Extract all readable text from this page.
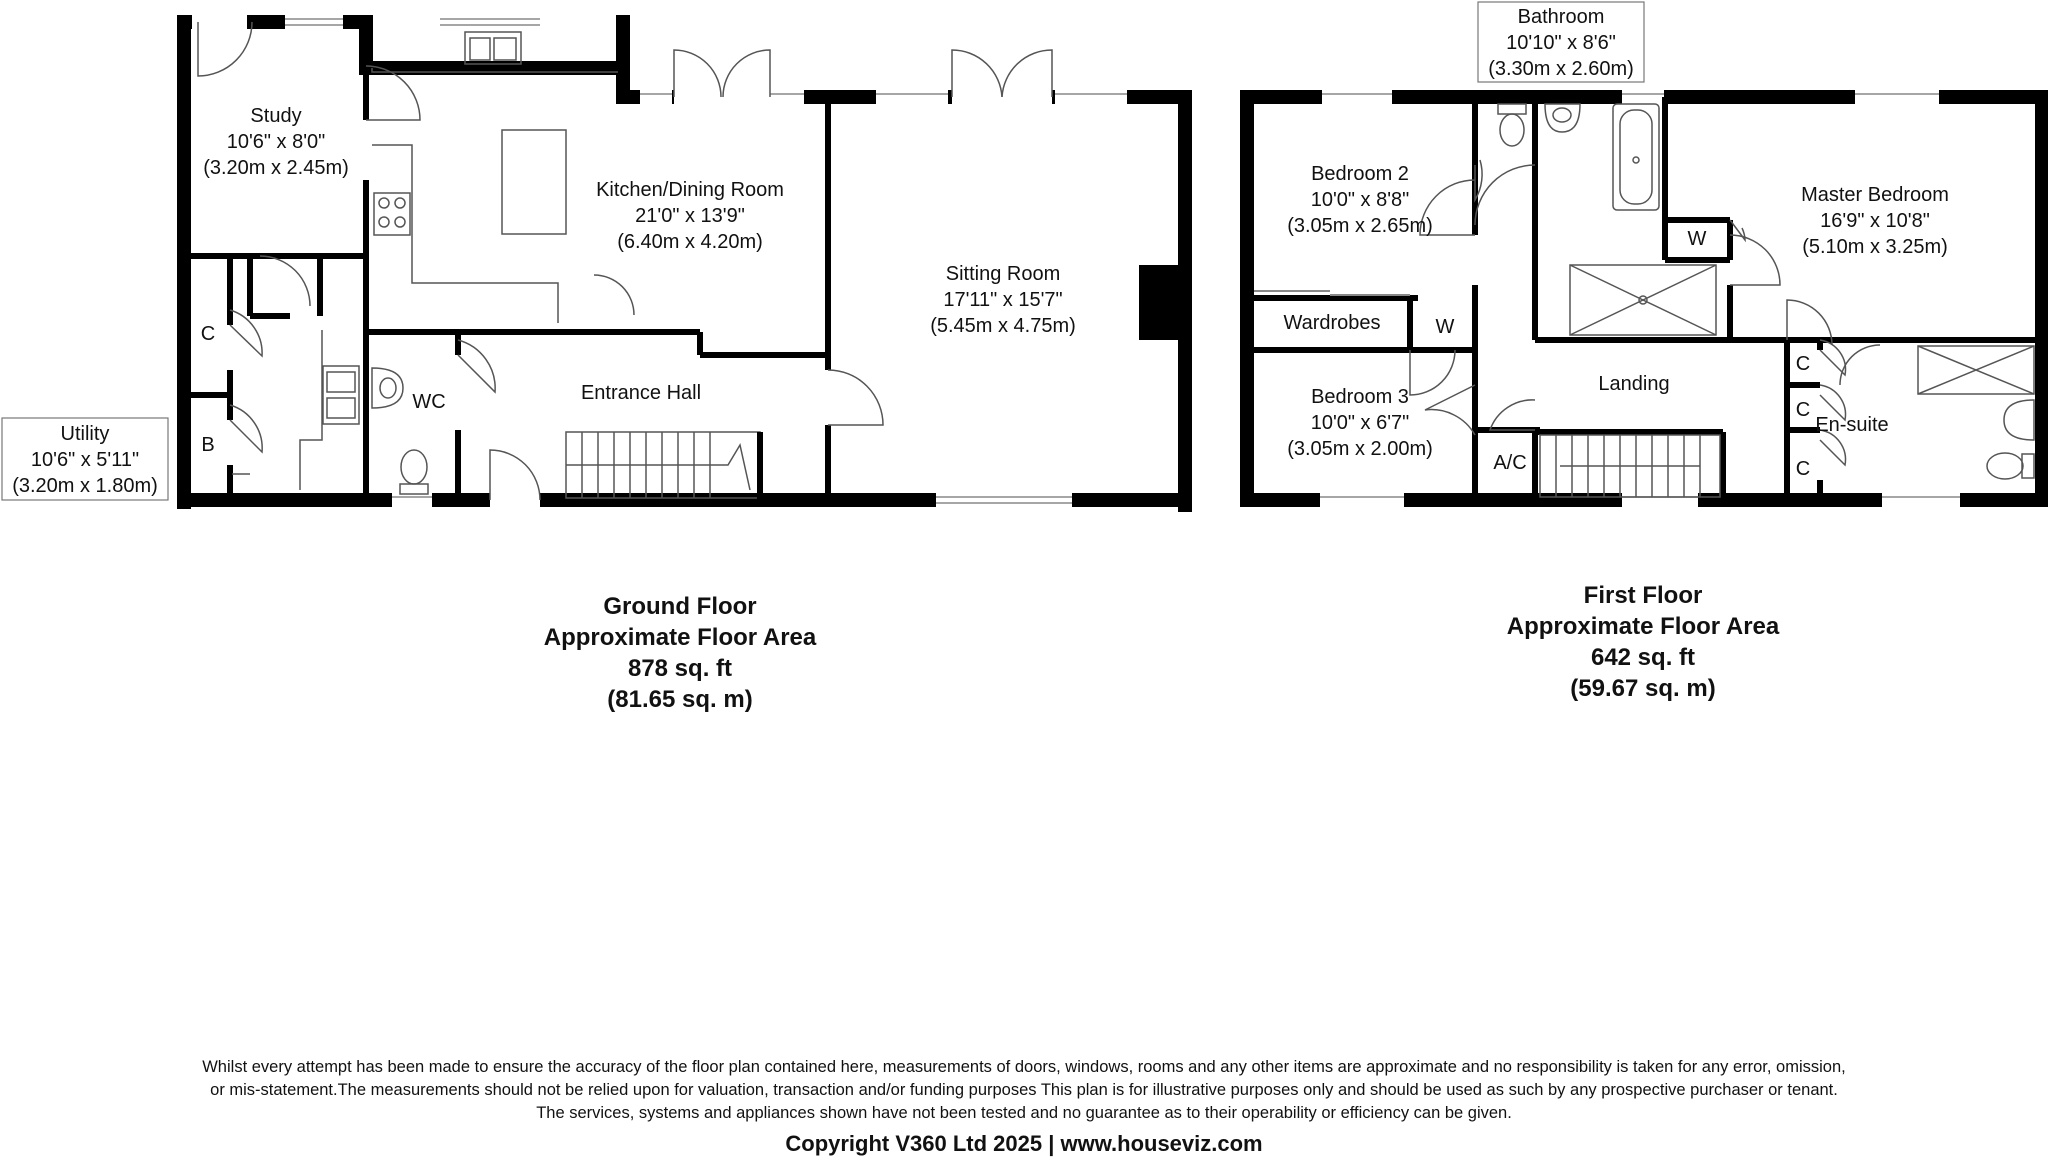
Study
10'6" x 8'0"
(3.20m x 2.45m)
Kitchen/Dining Room
21'0" x 13'9"
(6.40m x 4.20m)
Sitting Room
17'11" x 15'7"
(5.45m x 4.75m)
Utility
10'6" x 5'11"
(3.20m x 1.80m)
Entrance Hall
WC
C
B
Bathroom
10'10" x 8'6"
(3.30m x 2.60m)
Bedroom 2
10'0" x 8'8"
(3.05m x 2.65m)
Bedroom 3
10'0" x 6'7"
(3.05m x 2.00m)
Master Bedroom
16'9" x 10'8"
(5.10m x 3.25m)
Landing
Wardrobes	W
W
A/C
En-suite
C
C
C
Ground Floor
Approximate Floor Area
878 sq. ft
(81.65 sq. m)
First Floor
Approximate Floor Area
642 sq. ft
(59.67 sq. m)
Whilst every attempt has been made to ensure the accuracy of the floor plan contained here, measurements of doors, windows, rooms and any other items are approximate and no responsibility is taken for any error, omission,
or mis-statement.The measurements should not be relied upon for valuation, transaction and/or funding purposes This plan is for illustrative purposes only and should be used as such by any prospective purchaser or tenant.
The services, systems and appliances shown have not been tested and no guarantee as to their operability or efficiency can be given.
Copyright V360 Ltd 2025 | www.houseviz.com
